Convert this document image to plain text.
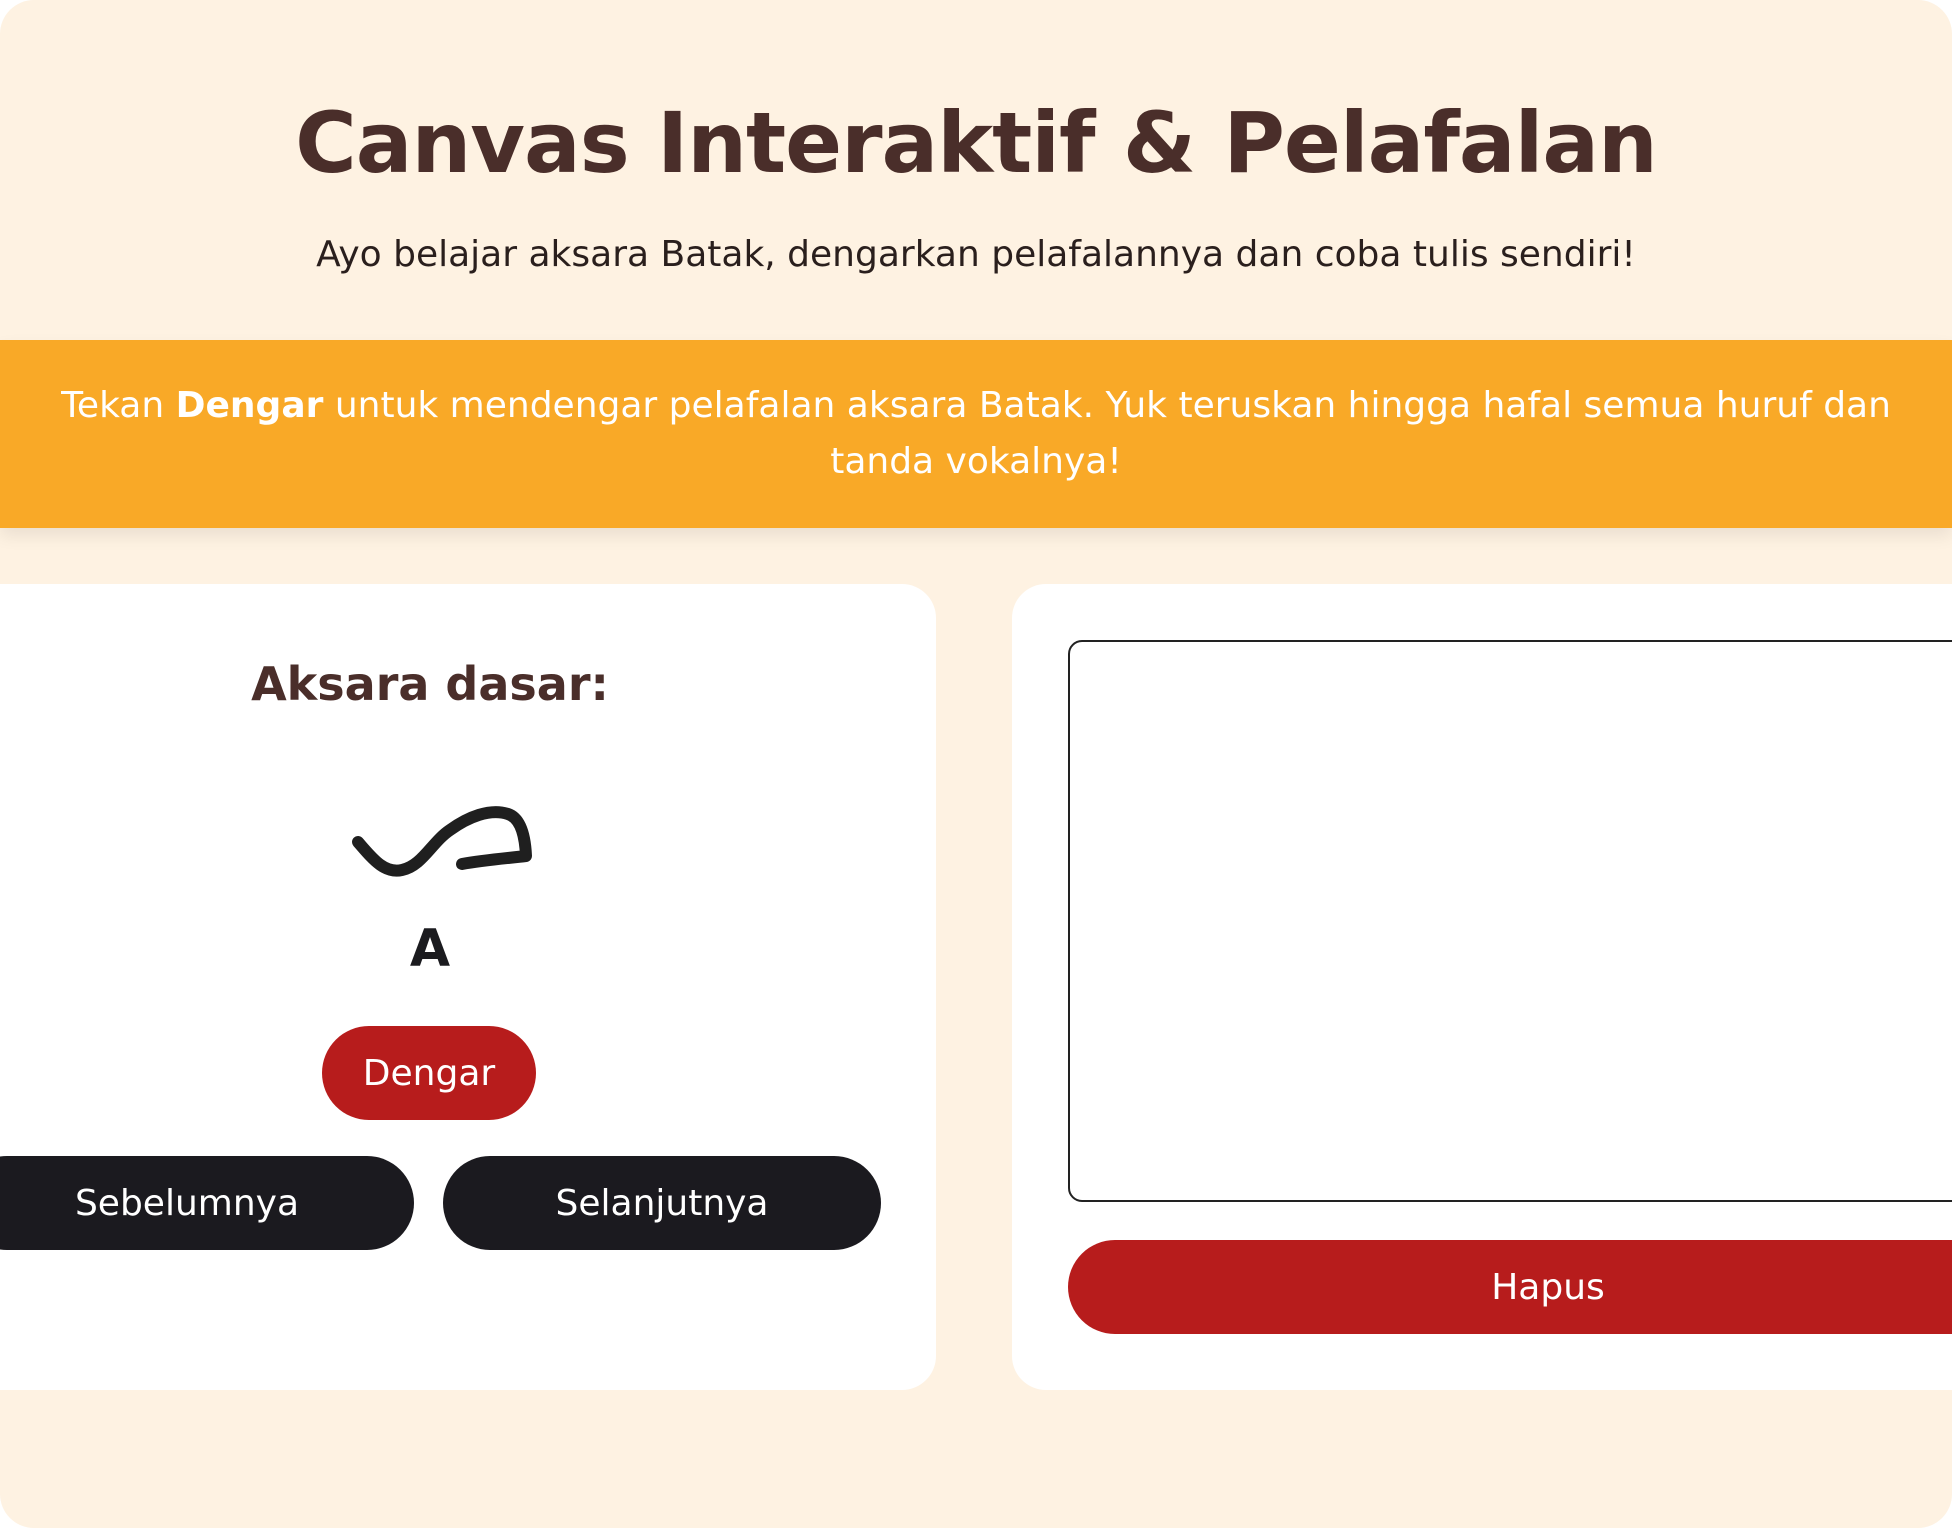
Canvas Interaktif & Pelafalan

Ayo belajar aksara Batak, dengarkan pelafalannya dan coba tulis sendiri!

Tekan Dengar untuk mendengar pelafalan aksara Batak. Yuk teruskan hingga hafal semua huruf dan
tanda vokalnya!
Aksara dasar:
A
Dengar
Sebelumnya	Selanjutnya
Hapus
